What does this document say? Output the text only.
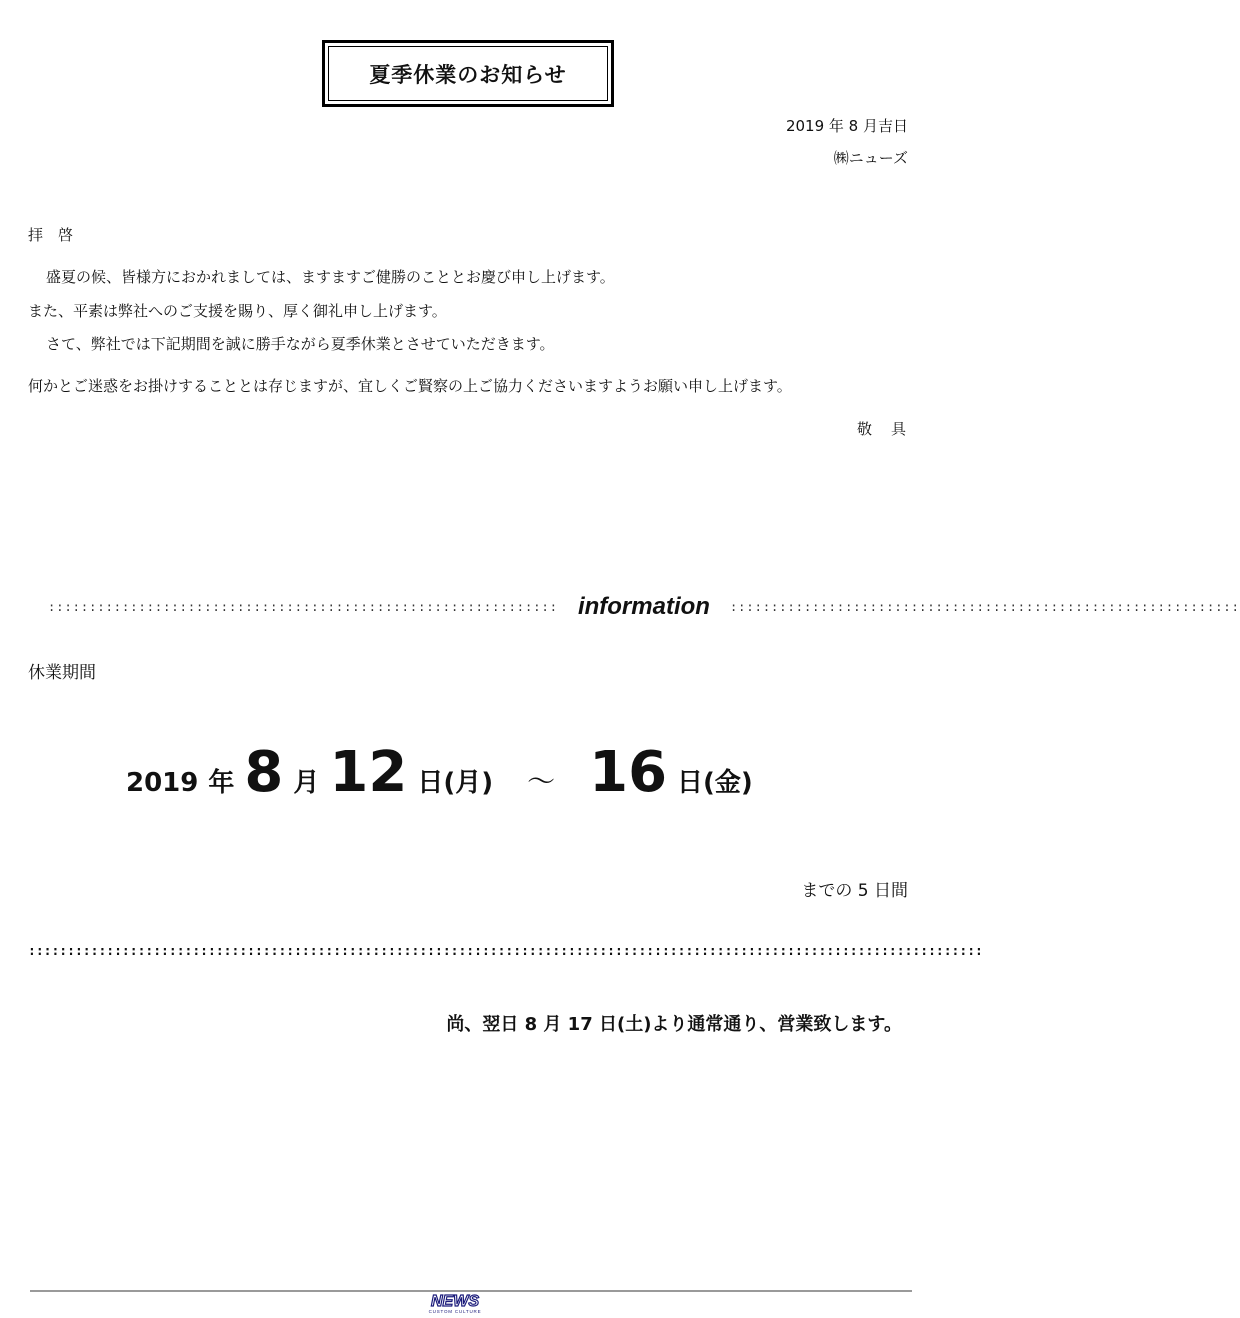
夏季休業のお知らせ
2019 年 8 月吉日
㈱ニューズ
拝　啓
盛夏の候、皆様方におかれましては、ますますご健勝のこととお慶び申し上げます。
また、平素は弊社へのご支援を賜り、厚く御礼申し上げます。
さて、弊社では下記期間を誠に勝手ながら夏季休業とさせていただきます。
何かとご迷惑をお掛けすることとは存じますが、宜しくご賢察の上ご協力くださいますようお願い申し上げます。
敬　具
:::::::::::::::::::::::::::::::::::::::::::::::::::::::::::::: information	::::::::::::::::::::::::::::::::::::::::::::::::::::::::::::::
休業期間
2019 年 8 月 12 日(月)	～ 16 日(金)
までの 5 日間
::::::::::::::::::::::::::::::::::::::::::::::::::::::::::::::::::::::::::::::::::::::::::::::::::::::::::::::::::::::::::
尚、翌日 8 月 17 日(土)より通常通り、営業致します。
NEWS
CUSTOM CULTURE
